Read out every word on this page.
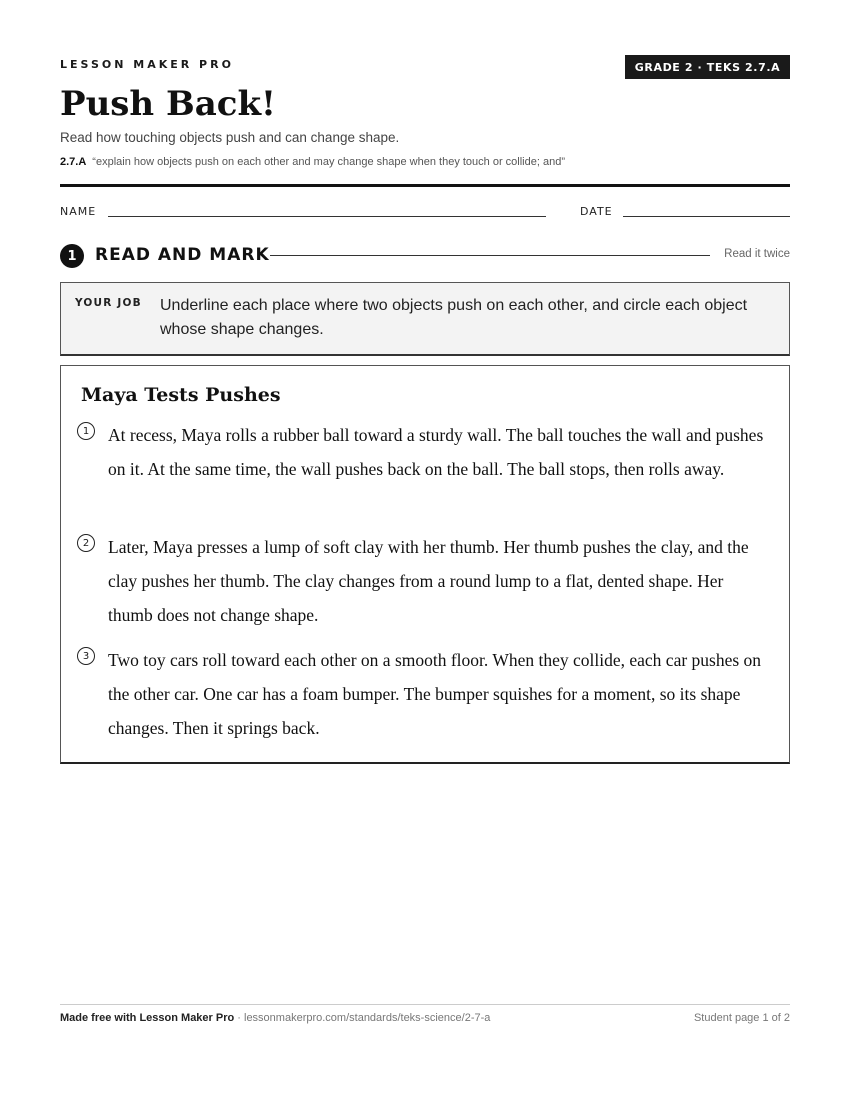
LESSON MAKER PRO	GRADE 2 · TEKS 2.7.A
Push Back!
Read how touching objects push and can change shape.
2.7.A “explain how objects push on each other and may change shape when they touch or collide; and”
NAME	DATE
1	READ AND MARK	Read it twice
YOUR JOB Underline each place where two objects push on each other, and circle each object whose shape changes.
Maya Tests Pushes
1	At recess, Maya rolls a rubber ball toward a sturdy wall. The ball touches the wall and pushes on it. At the same time, the wall pushes back on the ball. The ball stops, then rolls away.
2	Later, Maya presses a lump of soft clay with her thumb. Her thumb pushes the clay, and the clay pushes her thumb. The clay changes from a round lump to a flat, dented shape. Her thumb does not change shape.
3	Two toy cars roll toward each other on a smooth floor. When they collide, each car pushes on the other car. One car has a foam bumper. The bumper squishes for a moment, so its shape changes. Then it springs back.
Made free with Lesson Maker Pro · lessonmakerpro.com/standards/teks-science/2-7-a	Student page 1 of 2
